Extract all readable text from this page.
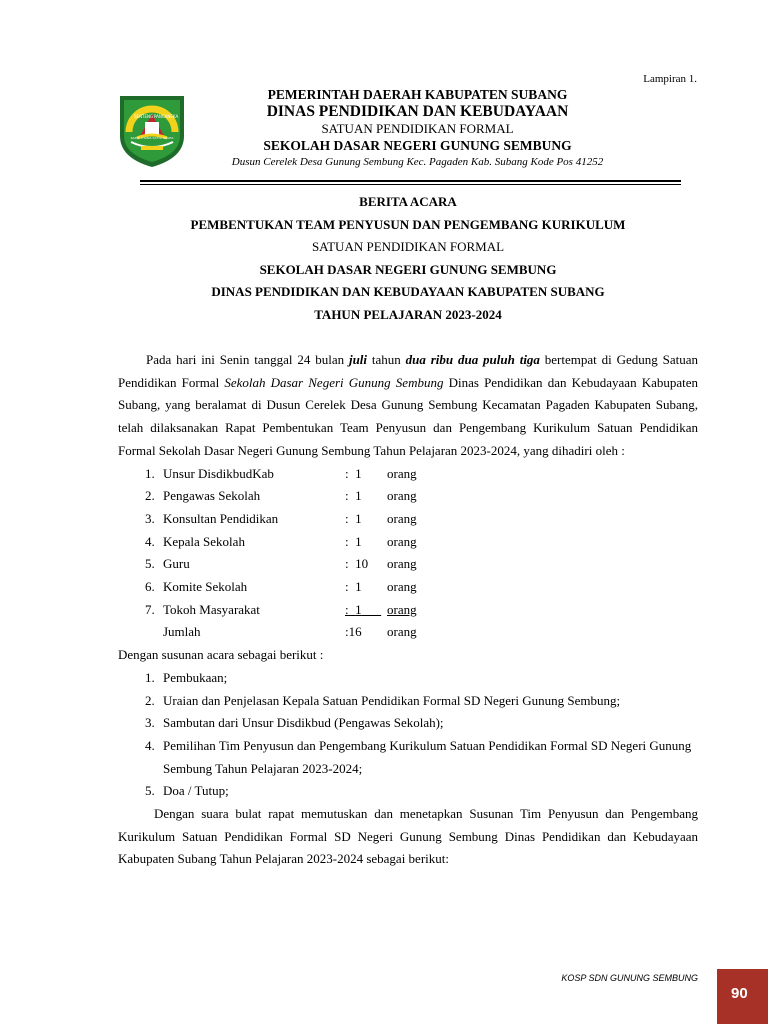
Lampiran 1.
SENTENG PANCANEKA
KARYA UTAMA SATYA GRAHA
PEMERINTAH DAERAH KABUPATEN SUBANG
DINAS PENDIDIKAN DAN KEBUDAYAAN
SATUAN PENDIDIKAN FORMAL
SEKOLAH DASAR NEGERI GUNUNG SEMBUNG
Dusun Cerelek Desa Gunung Sembung Kec. Pagaden Kab. Subang Kode Pos 41252
BERITA ACARA
PEMBENTUKAN TEAM PENYUSUN DAN PENGEMBANG KURIKULUM
SATUAN PENDIDIKAN FORMAL
SEKOLAH DASAR NEGERI GUNUNG SEMBUNG
DINAS PENDIDIKAN DAN KEBUDAYAAN KABUPATEN SUBANG
TAHUN PELAJARAN 2023-2024
Pada hari ini Senin tanggal 24 bulan juli tahun dua ribu dua puluh tiga bertempat di Gedung Satuan Pendidikan Formal Sekolah Dasar Negeri Gunung Sembung Dinas Pendidikan dan Kebudayaan Kabupaten Subang, yang beralamat di Dusun Cerelek Desa Gunung Sembung Kecamatan Pagaden Kabupaten Subang, telah dilaksanakan Rapat Pembentukan Team Penyusun dan Pengembang Kurikulum Satuan Pendidikan Formal Sekolah Dasar Negeri Gunung Sembung Tahun Pelajaran 2023-2024, yang dihadiri oleh :
1.	Unsur DisdikbudKab	: 1	orang
2.	Pengawas Sekolah	: 1	orang
3.	Konsultan Pendidikan	: 1	orang
4.	Kepala Sekolah	: 1	orang
5.	Guru	: 10	orang
6.	Komite Sekolah	: 1	orang
7.	Tokoh Masyarakat	: 1	orang
	Jumlah	:16	orang
Dengan susunan acara sebagai berikut :
1. Pembukaan;
2. Uraian dan Penjelasan Kepala Satuan Pendidikan Formal SD Negeri Gunung Sembung;
3. Sambutan dari Unsur Disdikbud (Pengawas Sekolah);
4. Pemilihan Tim Penyusun dan Pengembang Kurikulum Satuan Pendidikan Formal SD Negeri Gunung Sembung Tahun Pelajaran 2023-2024;
5. Doa / Tutup;
Dengan suara bulat rapat memutuskan dan menetapkan Susunan Tim Penyusun dan Pengembang Kurikulum Satuan Pendidikan Formal SD Negeri Gunung Sembung Dinas Pendidikan dan Kebudayaan Kabupaten Subang Tahun Pelajaran 2023-2024 sebagai berikut:
KOSP SDN GUNUNG SEMBUNG
90
